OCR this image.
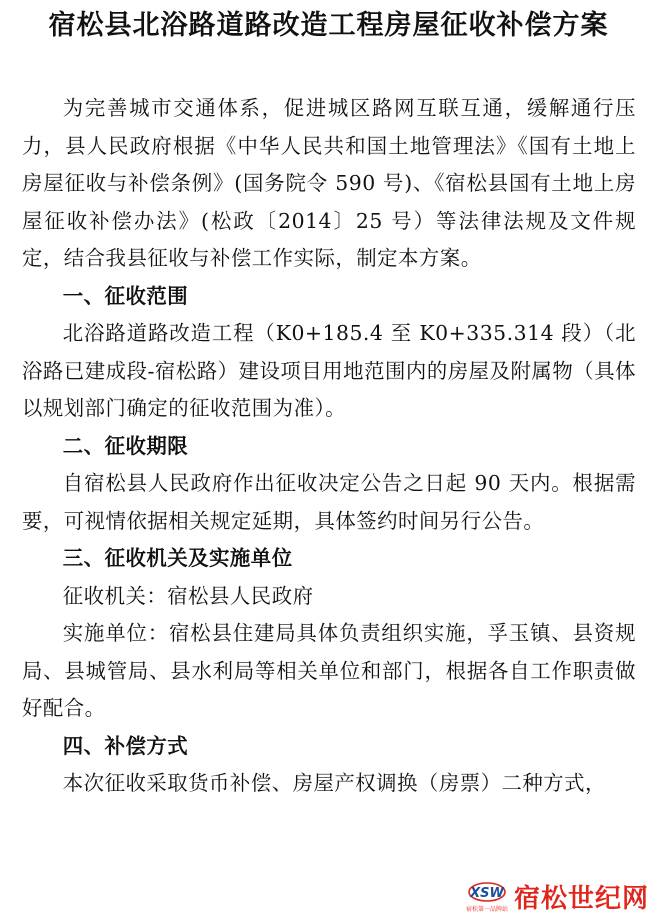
宿松县北浴路道路改造工程房屋征收补偿方案

为完善城市交通体系，促进城区路网互联互通，缓解通行压力，县人民政府根据《中华人民共和国土地管理法》《国有土地上房屋征收与补偿条例》(国务院令 590 号)、《宿松县国有土地上房屋征收补偿办法》(松政〔2014〕25 号）等法律法规及文件规定，结合我县征收与补偿工作实际，制定本方案。

一、征收范围

北浴路道路改造工程（K0+185.4 至 K0+335.314 段）（北浴路已建成段-宿松路）建设项目用地范围内的房屋及附属物（具体以规划部门确定的征收范围为准）。

二、征收期限

自宿松县人民政府作出征收决定公告之日起 90 天内。根据需要，可视情依据相关规定延期，具体签约时间另行公告。

三、征收机关及实施单位

征收机关：宿松县人民政府

实施单位：宿松县住建局具体负责组织实施，孚玉镇、县资规局、县城管局、县水利局等相关单位和部门，根据各自工作职责做好配合。

四、补偿方式

本次征收采取货币补偿、房屋产权调换（房票）二种方式，

XSW
宿松第一品牌站 宿松世纪网
